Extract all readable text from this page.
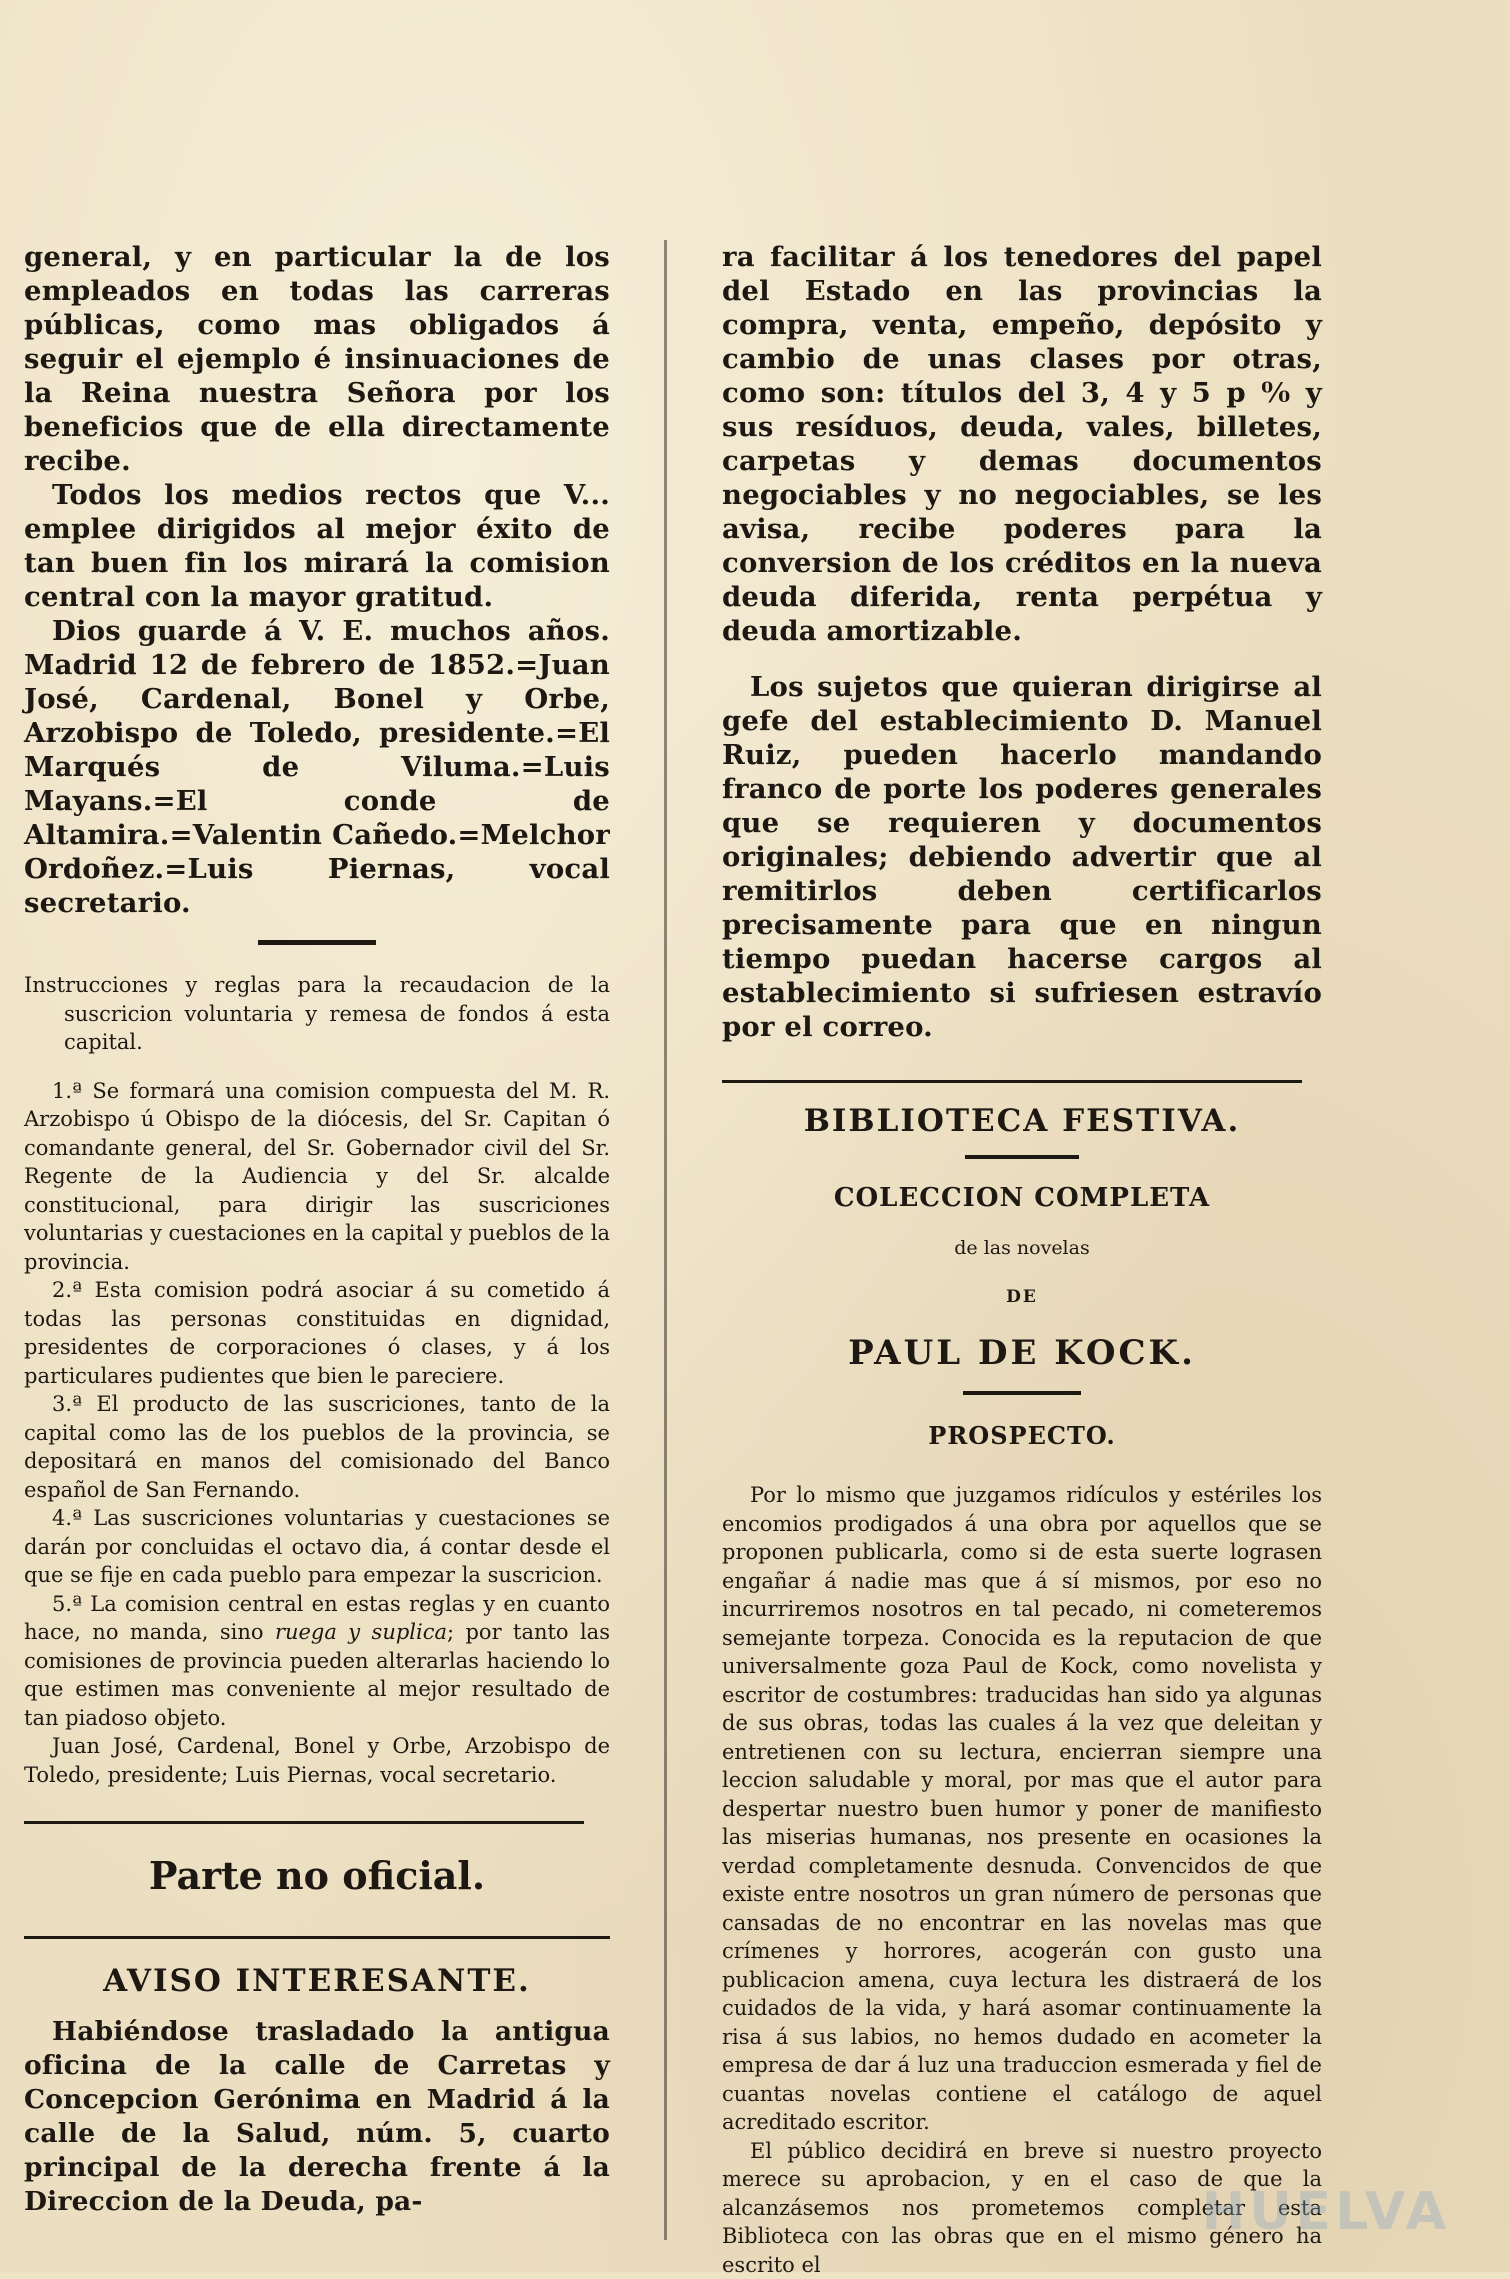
general, y en particular la de los empleados en todas las carreras públicas, como mas obligados á seguir el ejemplo é insinuaciones de la Reina nuestra Señora por los beneficios que de ella directamente recibe.

Todos los medios rectos que V... emplee dirigidos al mejor éxito de tan buen fin los mirará la comision central con la mayor gratitud.

Dios guarde á V. E. muchos años. Madrid 12 de febrero de 1852.=Juan José, Cardenal, Bonel y Orbe, Arzobispo de Toledo, presidente.=El Marqués de Viluma.=Luis Mayans.=El conde de Altamira.=Valentin Cañedo.=Melchor Ordoñez.=Luis Piernas, vocal secretario.

Instrucciones y reglas para la recaudacion de la suscricion voluntaria y remesa de fondos á esta capital.

1.ª Se formará una comision compuesta del M. R. Arzobispo ú Obispo de la diócesis, del Sr. Capitan ó comandante general, del Sr. Gobernador civil del Sr. Regente de la Audiencia y del Sr. alcalde constitucional, para dirigir las suscriciones voluntarias y cuestaciones en la capital y pueblos de la provincia.

2.ª Esta comision podrá asociar á su cometido á todas las personas constituidas en dignidad, presidentes de corporaciones ó clases, y á los particulares pudientes que bien le pareciere.

3.ª El producto de las suscriciones, tanto de la capital como las de los pueblos de la provincia, se depositará en manos del comisionado del Banco español de San Fernando.

4.ª Las suscriciones voluntarias y cuestaciones se darán por concluidas el octavo dia, á contar desde el que se fije en cada pueblo para empezar la suscricion.

5.ª La comision central en estas reglas y en cuanto hace, no manda, sino ruega y suplica; por tanto las comisiones de provincia pueden alterarlas haciendo lo que estimen mas conveniente al mejor resultado de tan piadoso objeto.

Juan José, Cardenal, Bonel y Orbe, Arzobispo de Toledo, presidente; Luis Piernas, vocal secretario.

Parte no oficial.

AVISO INTERESANTE.

Habiéndose trasladado la antigua oficina de la calle de Carretas y Concepcion Gerónima en Madrid á la calle de la Salud, núm. 5, cuarto principal de la derecha frente á la Direccion de la Deuda, pa-

ra facilitar á los tenedores del papel del Estado en las provincias la compra, venta, empeño, depósito y cambio de unas clases por otras, como son: títulos del 3, 4 y 5 p ⁰⁄₀ y sus resíduos, deuda, vales, billetes, carpetas y demas documentos negociables y no negociables, se les avisa, recibe poderes para la conversion de los créditos en la nueva deuda diferida, renta perpétua y deuda amortizable.

Los sujetos que quieran dirigirse al gefe del establecimiento D. Manuel Ruiz, pueden hacerlo mandando franco de porte los poderes generales que se requieren y documentos originales; debiendo advertir que al remitirlos deben certificarlos precisamente para que en ningun tiempo puedan hacerse cargos al establecimiento si sufriesen estravío por el correo.

BIBLIOTECA FESTIVA.

COLECCION COMPLETA

de las novelas

DE

PAUL DE KOCK.

PROSPECTO.

Por lo mismo que juzgamos ridículos y estériles los encomios prodigados á una obra por aquellos que se proponen publicarla, como si de esta suerte lograsen engañar á nadie mas que á sí mismos, por eso no incurriremos nosotros en tal pecado, ni cometeremos semejante torpeza. Conocida es la reputacion de que universalmente goza Paul de Kock, como novelista y escritor de costumbres: traducidas han sido ya algunas de sus obras, todas las cuales á la vez que deleitan y entretienen con su lectura, encierran siempre una leccion saludable y moral, por mas que el autor para despertar nuestro buen humor y poner de manifiesto las miserias humanas, nos presente en ocasiones la verdad completamente desnuda. Convencidos de que existe entre nosotros un gran número de personas que cansadas de no encontrar en las novelas mas que crímenes y horrores, acogerán con gusto una publicacion amena, cuya lectura les distraerá de los cuidados de la vida, y hará asomar continuamente la risa á sus labios, no hemos dudado en acometer la empresa de dar á luz una traduccion esmerada y fiel de cuantas novelas contiene el catálogo de aquel acreditado escritor.

El público decidirá en breve si nuestro proyecto merece su aprobacion, y en el caso de que la alcanzásemos nos prometemos completar esta Biblioteca con las obras que en el mismo género ha escrito el

HUELVA
